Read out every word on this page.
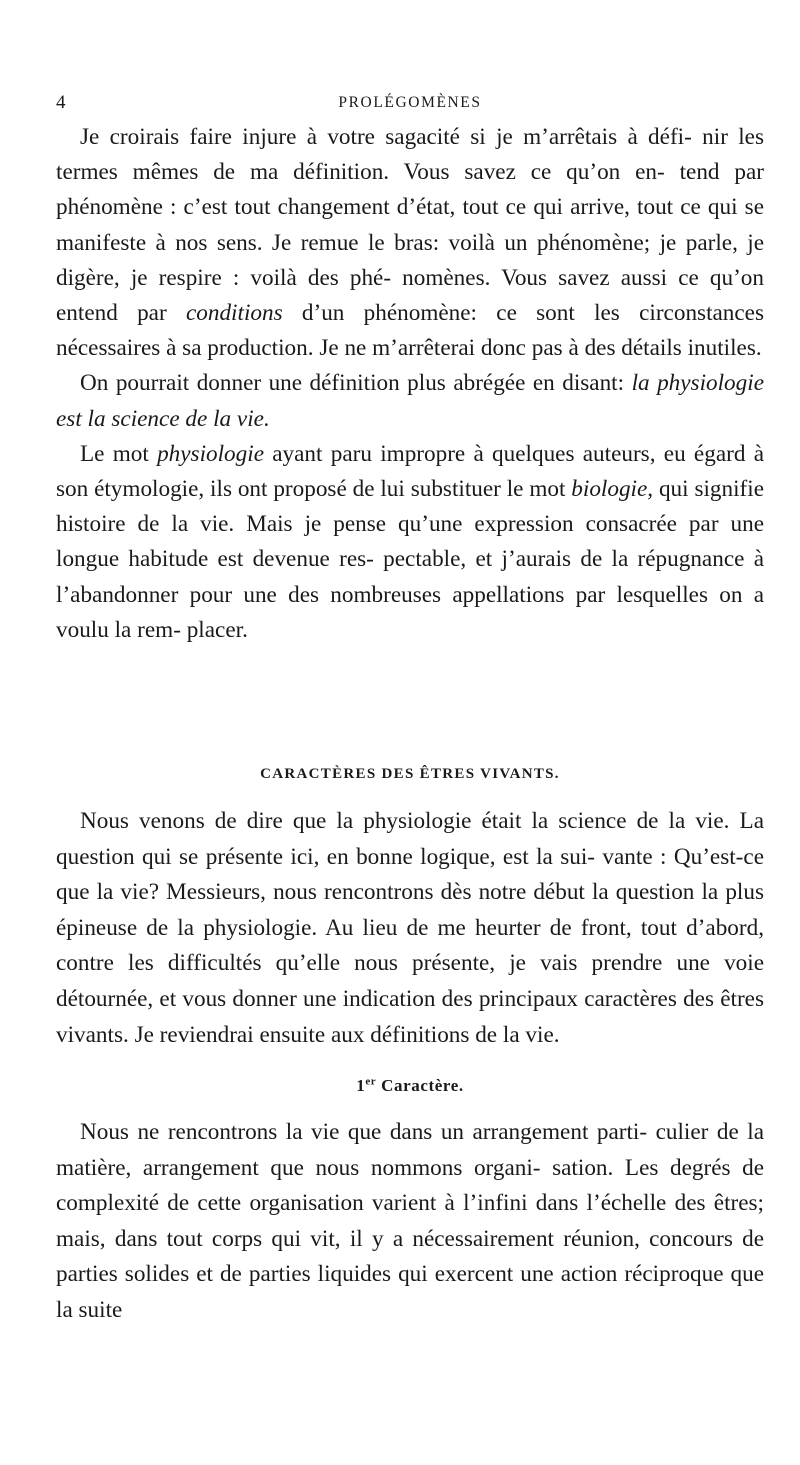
4	PROLÉGOMÈNES

Je croirais faire injure à votre sagacité si je m’arrêtais à défi- nir les termes mêmes de ma définition. Vous savez ce qu’on en- tend par phénomène : c’est tout changement d’état, tout ce qui arrive, tout ce qui se manifeste à nos sens. Je remue le bras: voilà un phénomène; je parle, je digère, je respire : voilà des phé- nomènes. Vous savez aussi ce qu’on entend par conditions d’un phénomène: ce sont les circonstances nécessaires à sa production. Je ne m’arrêterai donc pas à des détails inutiles.

On pourrait donner une définition plus abrégée en disant: la physiologie est la science de la vie.

Le mot physiologie ayant paru impropre à quelques auteurs, eu égard à son étymologie, ils ont proposé de lui substituer le mot biologie, qui signifie histoire de la vie. Mais je pense qu’une expression consacrée par une longue habitude est devenue res- pectable, et j’aurais de la répugnance à l’abandonner pour une des nombreuses appellations par lesquelles on a voulu la rem- placer.

CARACTÈRES DES ÊTRES VIVANTS.

Nous venons de dire que la physiologie était la science de la vie. La question qui se présente ici, en bonne logique, est la sui- vante : Qu’est-ce que la vie? Messieurs, nous rencontrons dès notre début la question la plus épineuse de la physiologie. Au lieu de me heurter de front, tout d’abord, contre les difficultés qu’elle nous présente, je vais prendre une voie détournée, et vous donner une indication des principaux caractères des êtres vivants. Je reviendrai ensuite aux définitions de la vie.

1er Caractère.

Nous ne rencontrons la vie que dans un arrangement parti- culier de la matière, arrangement que nous nommons organi- sation. Les degrés de complexité de cette organisation varient à l’infini dans l’échelle des êtres; mais, dans tout corps qui vit, il y a nécessairement réunion, concours de parties solides et de parties liquides qui exercent une action réciproque que la suite
